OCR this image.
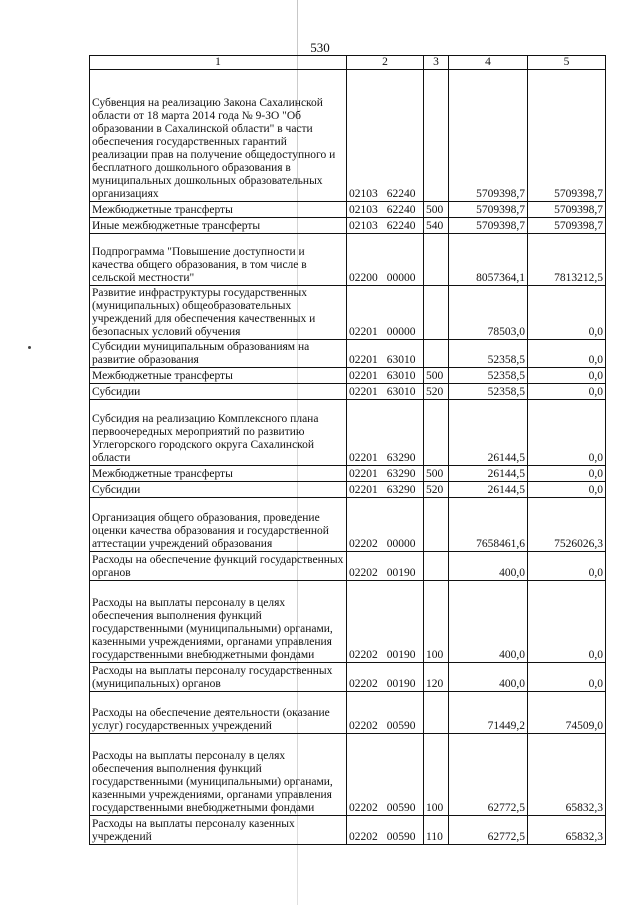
530
1	2	3	4	5
Субвенция на реализацию Закона Сахалинской области от 18 марта 2014 года № 9-ЗО "Об образовании в Сахалинской области" в части обеспечения государственных гарантий реализации прав на получение общедоступного и бесплатного дошкольного образования в муниципальных дошкольных образовательных организациях	02103 62240		5709398,7	5709398,7
Межбюджетные трансферты	02103 62240	500	5709398,7	5709398,7
Иные межбюджетные трансферты	02103 62240	540	5709398,7	5709398,7
Подпрограмма "Повышение доступности и качества общего образования, в том числе в сельской местности"	02200 00000		8057364,1	7813212,5
Развитие инфраструктуры государственных (муниципальных) общеобразовательных учреждений для обеспечения качественных и безопасных условий обучения	02201 00000		78503,0	0,0
Субсидии муниципальным образованиям на развитие образования	02201 63010		52358,5	0,0
Межбюджетные трансферты	02201 63010	500	52358,5	0,0
Субсидии	02201 63010	520	52358,5	0,0
Субсидия на реализацию Комплексного плана первоочередных мероприятий по развитию Углегорского городского округа Сахалинской области	02201 63290		26144,5	0,0
Межбюджетные трансферты	02201 63290	500	26144,5	0,0
Субсидии	02201 63290	520	26144,5	0,0
Организация общего образования, проведение оценки качества образования и государственной аттестации учреждений образования	02202 00000		7658461,6	7526026,3
Расходы на обеспечение функций государственных органов	02202 00190		400,0	0,0
Расходы на выплаты персоналу в целях обеспечения выполнения функций государственными (муниципальными) органами, казенными учреждениями, органами управления государственными внебюджетными фондами	02202 00190	100	400,0	0,0
Расходы на выплаты персоналу государственных (муниципальных) органов	02202 00190	120	400,0	0,0
Расходы на обеспечение деятельности (оказание услуг) государственных учреждений	02202 00590		71449,2	74509,0
Расходы на выплаты персоналу в целях обеспечения выполнения функций государственными (муниципальными) органами, казенными учреждениями, органами управления государственными внебюджетными фондами	02202 00590	100	62772,5	65832,3
Расходы на выплаты персоналу казенных учреждений	02202 00590	110	62772,5	65832,3
